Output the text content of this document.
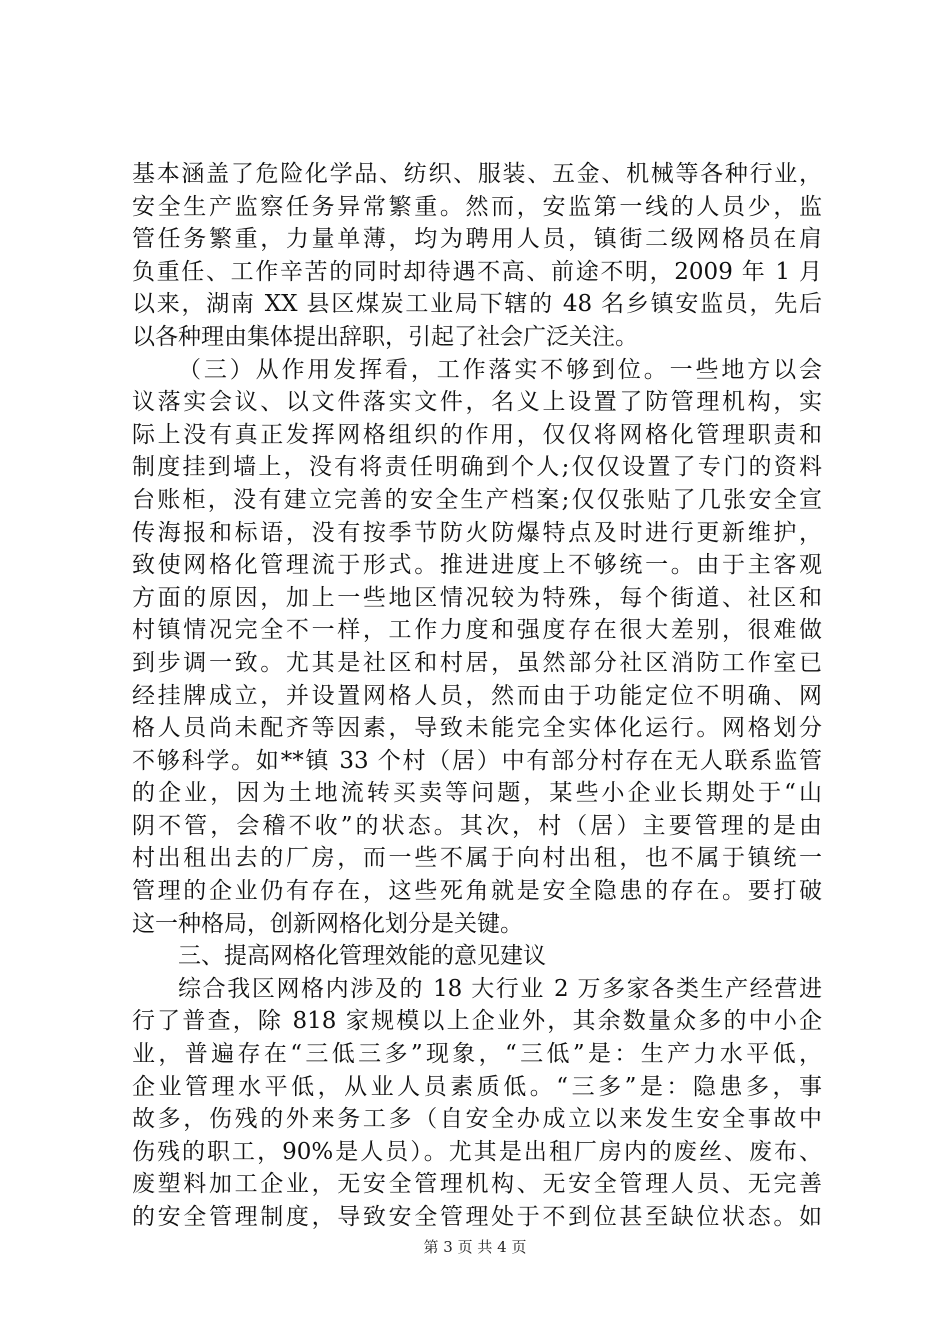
基本涵盖了危险化学品、纺织、服装、五金、机械等各种行业，
安全生产监察任务异常繁重。然而，安监第一线的人员少，监
管任务繁重，力量单薄，均为聘用人员，镇街二级网格员在肩
负重任、工作辛苦的同时却待遇不高、前途不明，2009 年 1 月
以来，湖南 XX 县区煤炭工业局下辖的 48 名乡镇安监员，先后
以各种理由集体提出辞职，引起了社会广泛关注。
（三）从作用发挥看，工作落实不够到位。一些地方以会
议落实会议、以文件落实文件，名义上设置了防管理机构，实
际上没有真正发挥网格组织的作用，仅仅将网格化管理职责和
制度挂到墙上，没有将责任明确到个人;仅仅设置了专门的资料
台账柜，没有建立完善的安全生产档案;仅仅张贴了几张安全宣
传海报和标语，没有按季节防火防爆特点及时进行更新维护，
致使网格化管理流于形式。推进进度上不够统一。由于主客观
方面的原因，加上一些地区情况较为特殊，每个街道、社区和
村镇情况完全不一样，工作力度和强度存在很大差别，很难做
到步调一致。尤其是社区和村居，虽然部分社区消防工作室已
经挂牌成立，并设置网格人员，然而由于功能定位不明确、网
格人员尚未配齐等因素，导致未能完全实体化运行。网格划分
不够科学。如**镇 33 个村（居）中有部分村存在无人联系监管
的企业，因为土地流转买卖等问题，某些小企业长期处于“山
阴不管，会稽不收”的状态。其次，村（居）主要管理的是由
村出租出去的厂房，而一些不属于向村出租，也不属于镇统一
管理的企业仍有存在，这些死角就是安全隐患的存在。要打破
这一种格局，创新网格化划分是关键。
三、提高网格化管理效能的意见建议
综合我区网格内涉及的 18 大行业 2 万多家各类生产经营进
行了普查，除 818 家规模以上企业外，其余数量众多的中小企
业，普遍存在“三低三多”现象，“三低”是：生产力水平低，
企业管理水平低，从业人员素质低。“三多”是：隐患多，事
故多，伤残的外来务工多（自安全办成立以来发生安全事故中
伤残的职工，90%是人员）。尤其是出租厂房内的废丝、废布、
废塑料加工企业，无安全管理机构、无安全管理人员、无完善
的安全管理制度，导致安全管理处于不到位甚至缺位状态。如
第 3 页 共 4 页
